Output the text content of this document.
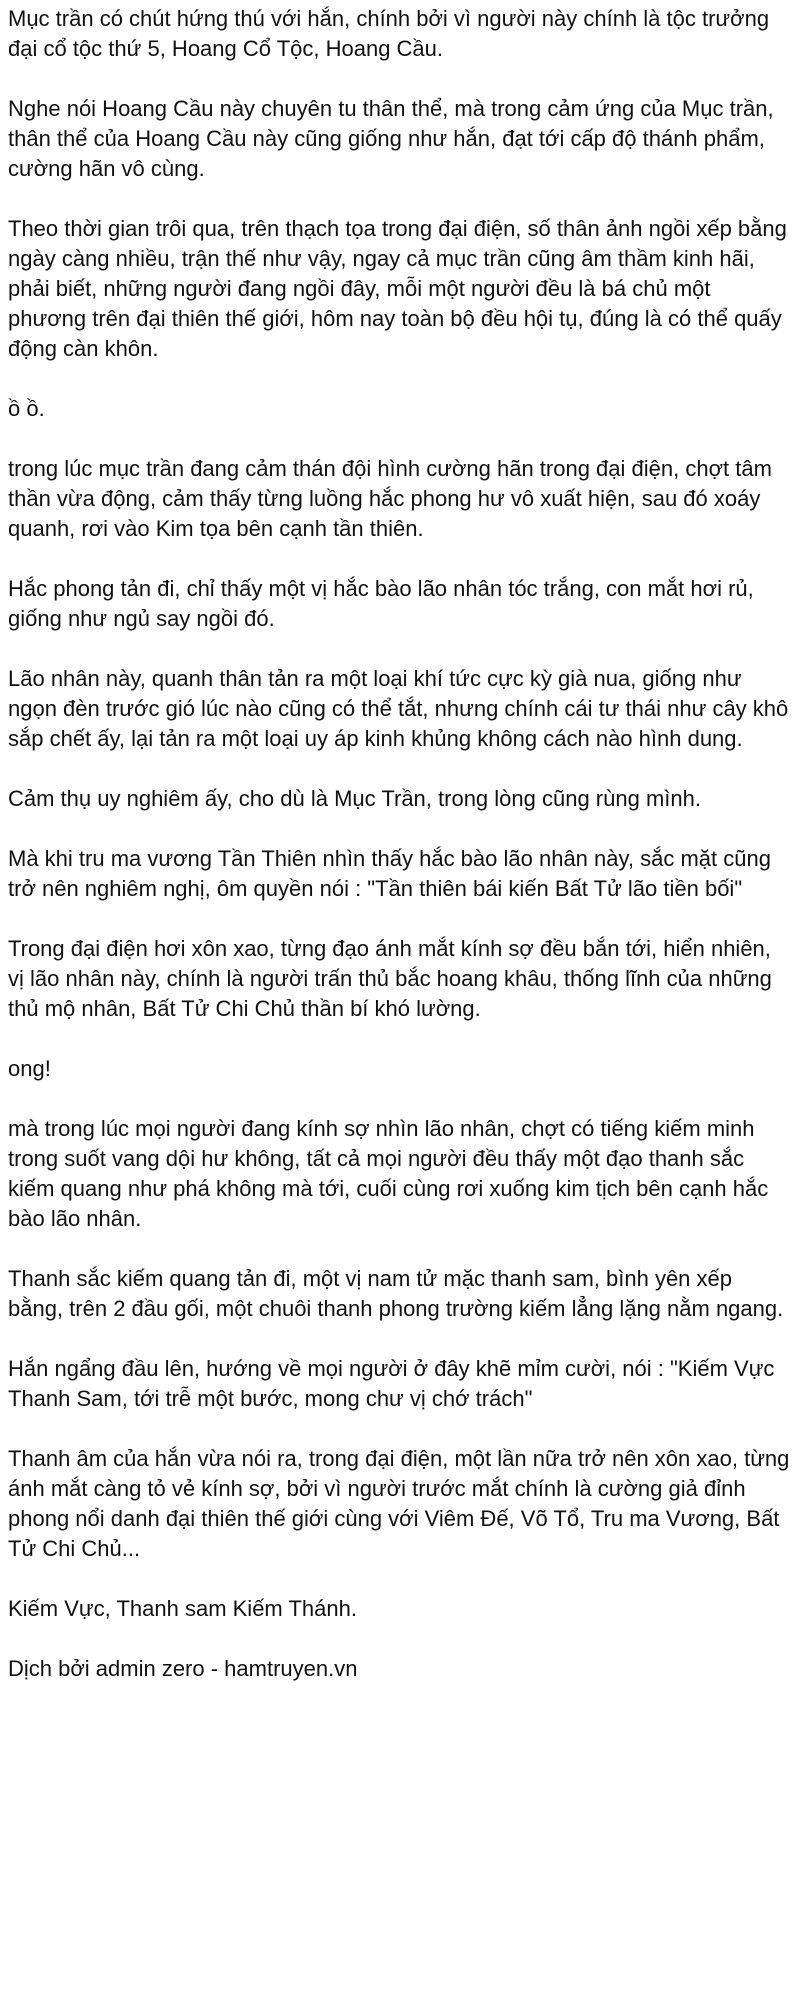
Mục trần có chút hứng thú với hắn, chính bởi vì người này chính là tộc trưởng đại cổ tộc thứ 5, Hoang Cổ Tộc, Hoang Cầu.

Nghe nói Hoang Cầu này chuyên tu thân thể, mà trong cảm ứng của Mục trần, thân thể của Hoang Cầu này cũng giống như hắn, đạt tới cấp độ thánh phẩm, cường hãn vô cùng.

Theo thời gian trôi qua, trên thạch tọa trong đại điện, số thân ảnh ngồi xếp bằng ngày càng nhiều, trận thế như vậy, ngay cả mục trần cũng âm thầm kinh hãi, phải biết, những người đang ngồi đây, mỗi một người đều là bá chủ một phương trên đại thiên thế giới, hôm nay toàn bộ đều hội tụ, đúng là có thể quấy động càn khôn.

ồ ồ.

trong lúc mục trần đang cảm thán đội hình cường hãn trong đại điện, chợt tâm thần vừa động, cảm thấy từng luồng hắc phong hư vô xuất hiện, sau đó xoáy quanh, rơi vào Kim tọa bên cạnh tần thiên.

Hắc phong tản đi, chỉ thấy một vị hắc bào lão nhân tóc trắng, con mắt hơi rủ, giống như ngủ say ngồi đó.

Lão nhân này, quanh thân tản ra một loại khí tức cực kỳ già nua, giống như ngọn đèn trước gió lúc nào cũng có thể tắt, nhưng chính cái tư thái như cây khô sắp chết ấy, lại tản ra một loại uy áp kinh khủng không cách nào hình dung.

Cảm thụ uy nghiêm ấy, cho dù là Mục Trần, trong lòng cũng rùng mình.

Mà khi tru ma vương Tần Thiên nhìn thấy hắc bào lão nhân này, sắc mặt cũng trở nên nghiêm nghị, ôm quyền nói : "Tần thiên bái kiến Bất Tử lão tiền bối"

Trong đại điện hơi xôn xao, từng đạo ánh mắt kính sợ đều bắn tới, hiển nhiên, vị lão nhân này, chính là người trấn thủ bắc hoang khâu, thống lĩnh của những thủ mộ nhân, Bất Tử Chi Chủ thần bí khó lường.

ong!

mà trong lúc mọi người đang kính sợ nhìn lão nhân, chợt có tiếng kiếm minh trong suốt vang dội hư không, tất cả mọi người đều thấy một đạo thanh sắc kiếm quang như phá không mà tới, cuối cùng rơi xuống kim tịch bên cạnh hắc bào lão nhân.

Thanh sắc kiếm quang tản đi, một vị nam tử mặc thanh sam, bình yên xếp bằng, trên 2 đầu gối, một chuôi thanh phong trường kiếm lẳng lặng nằm ngang.

Hắn ngẩng đầu lên, hướng về mọi người ở đây khẽ mỉm cười, nói : "Kiếm Vực Thanh Sam, tới trễ một bước, mong chư vị chớ trách"

Thanh âm của hắn vừa nói ra, trong đại điện, một lần nữa trở nên xôn xao, từng ánh mắt càng tỏ vẻ kính sợ, bởi vì người trước mắt chính là cường giả đỉnh phong nổi danh đại thiên thế giới cùng với Viêm Đế, Võ Tổ, Tru ma Vương, Bất Tử Chi Chủ...

Kiếm Vực, Thanh sam Kiếm Thánh.

Dịch bởi admin zero - hamtruyen.vn
